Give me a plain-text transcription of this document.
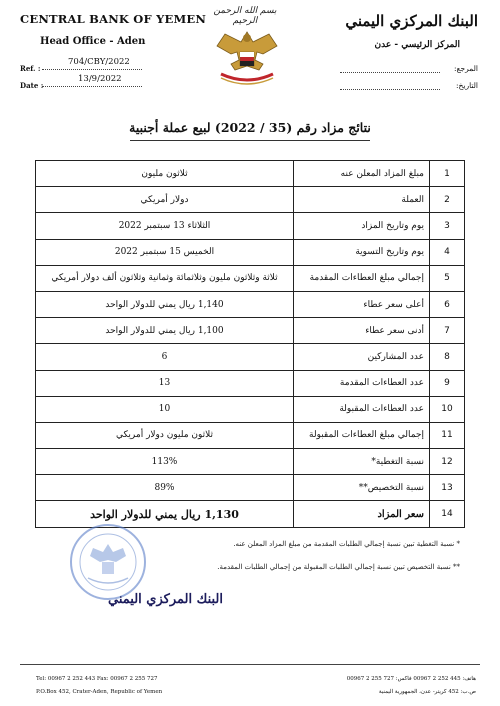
CENTRAL BANK OF YEMEN
Head Office - Aden
Ref. :
704/CBY/2022
Date :
13/9/2022
بسم الله الرحمن الرحيم	البنك المركزي اليمني
المركز الرئيسي - عدن
المرجع:
التاريخ:
نتائج مزاد رقم (35 / 2022) لبيع عملة أجنبية
1	مبلغ المزاد المعلن عنه	ثلاثون مليون
2	العملة	دولار أمريكي
3	يوم وتاريخ المزاد	الثلاثاء 13 سبتمبر 2022
4	يوم وتاريخ التسوية	الخميس 15 سبتمبر 2022
5	إجمالي مبلغ العطاءات المقدمة	ثلاثة وثلاثون مليون وثلاثمائة وثمانية وثلاثون ألف دولار أمريكي
6	أعلى سعر عطاء	1,140 ريال يمني للدولار الواحد
7	أدنى سعر عطاء	1,100 ريال يمني للدولار الواحد
8	عدد المشاركين	6
9	عدد العطاءات المقدمة	13
10	عدد العطاءات المقبولة	10
11	إجمالي مبلغ العطاءات المقبولة	ثلاثون مليون دولار أمريكي
12	نسبة التغطية*	113%
13	نسبة التخصيص**	89%
14	سعر المزاد	1,130 ريال يمني للدولار الواحد
* نسبة التغطية تبين نسبة إجمالي الطلبات المقدمة من مبلغ المزاد المعلن عنه.
** نسبة التخصيص تبين نسبة إجمالي الطلبات المقبولة من إجمالي الطلبات المقدمة.
البنك المركزي اليمني
Tel: 00967 2 252 443 Fax: 00967 2 255 727
P.O.Box 452, Crater-Aden, Republic of Yemen
هاتف: 445 252 2 00967 فاكس: 727 255 2 00967
ص.ب: 452 كريتر- عدن، الجمهورية اليمنية
